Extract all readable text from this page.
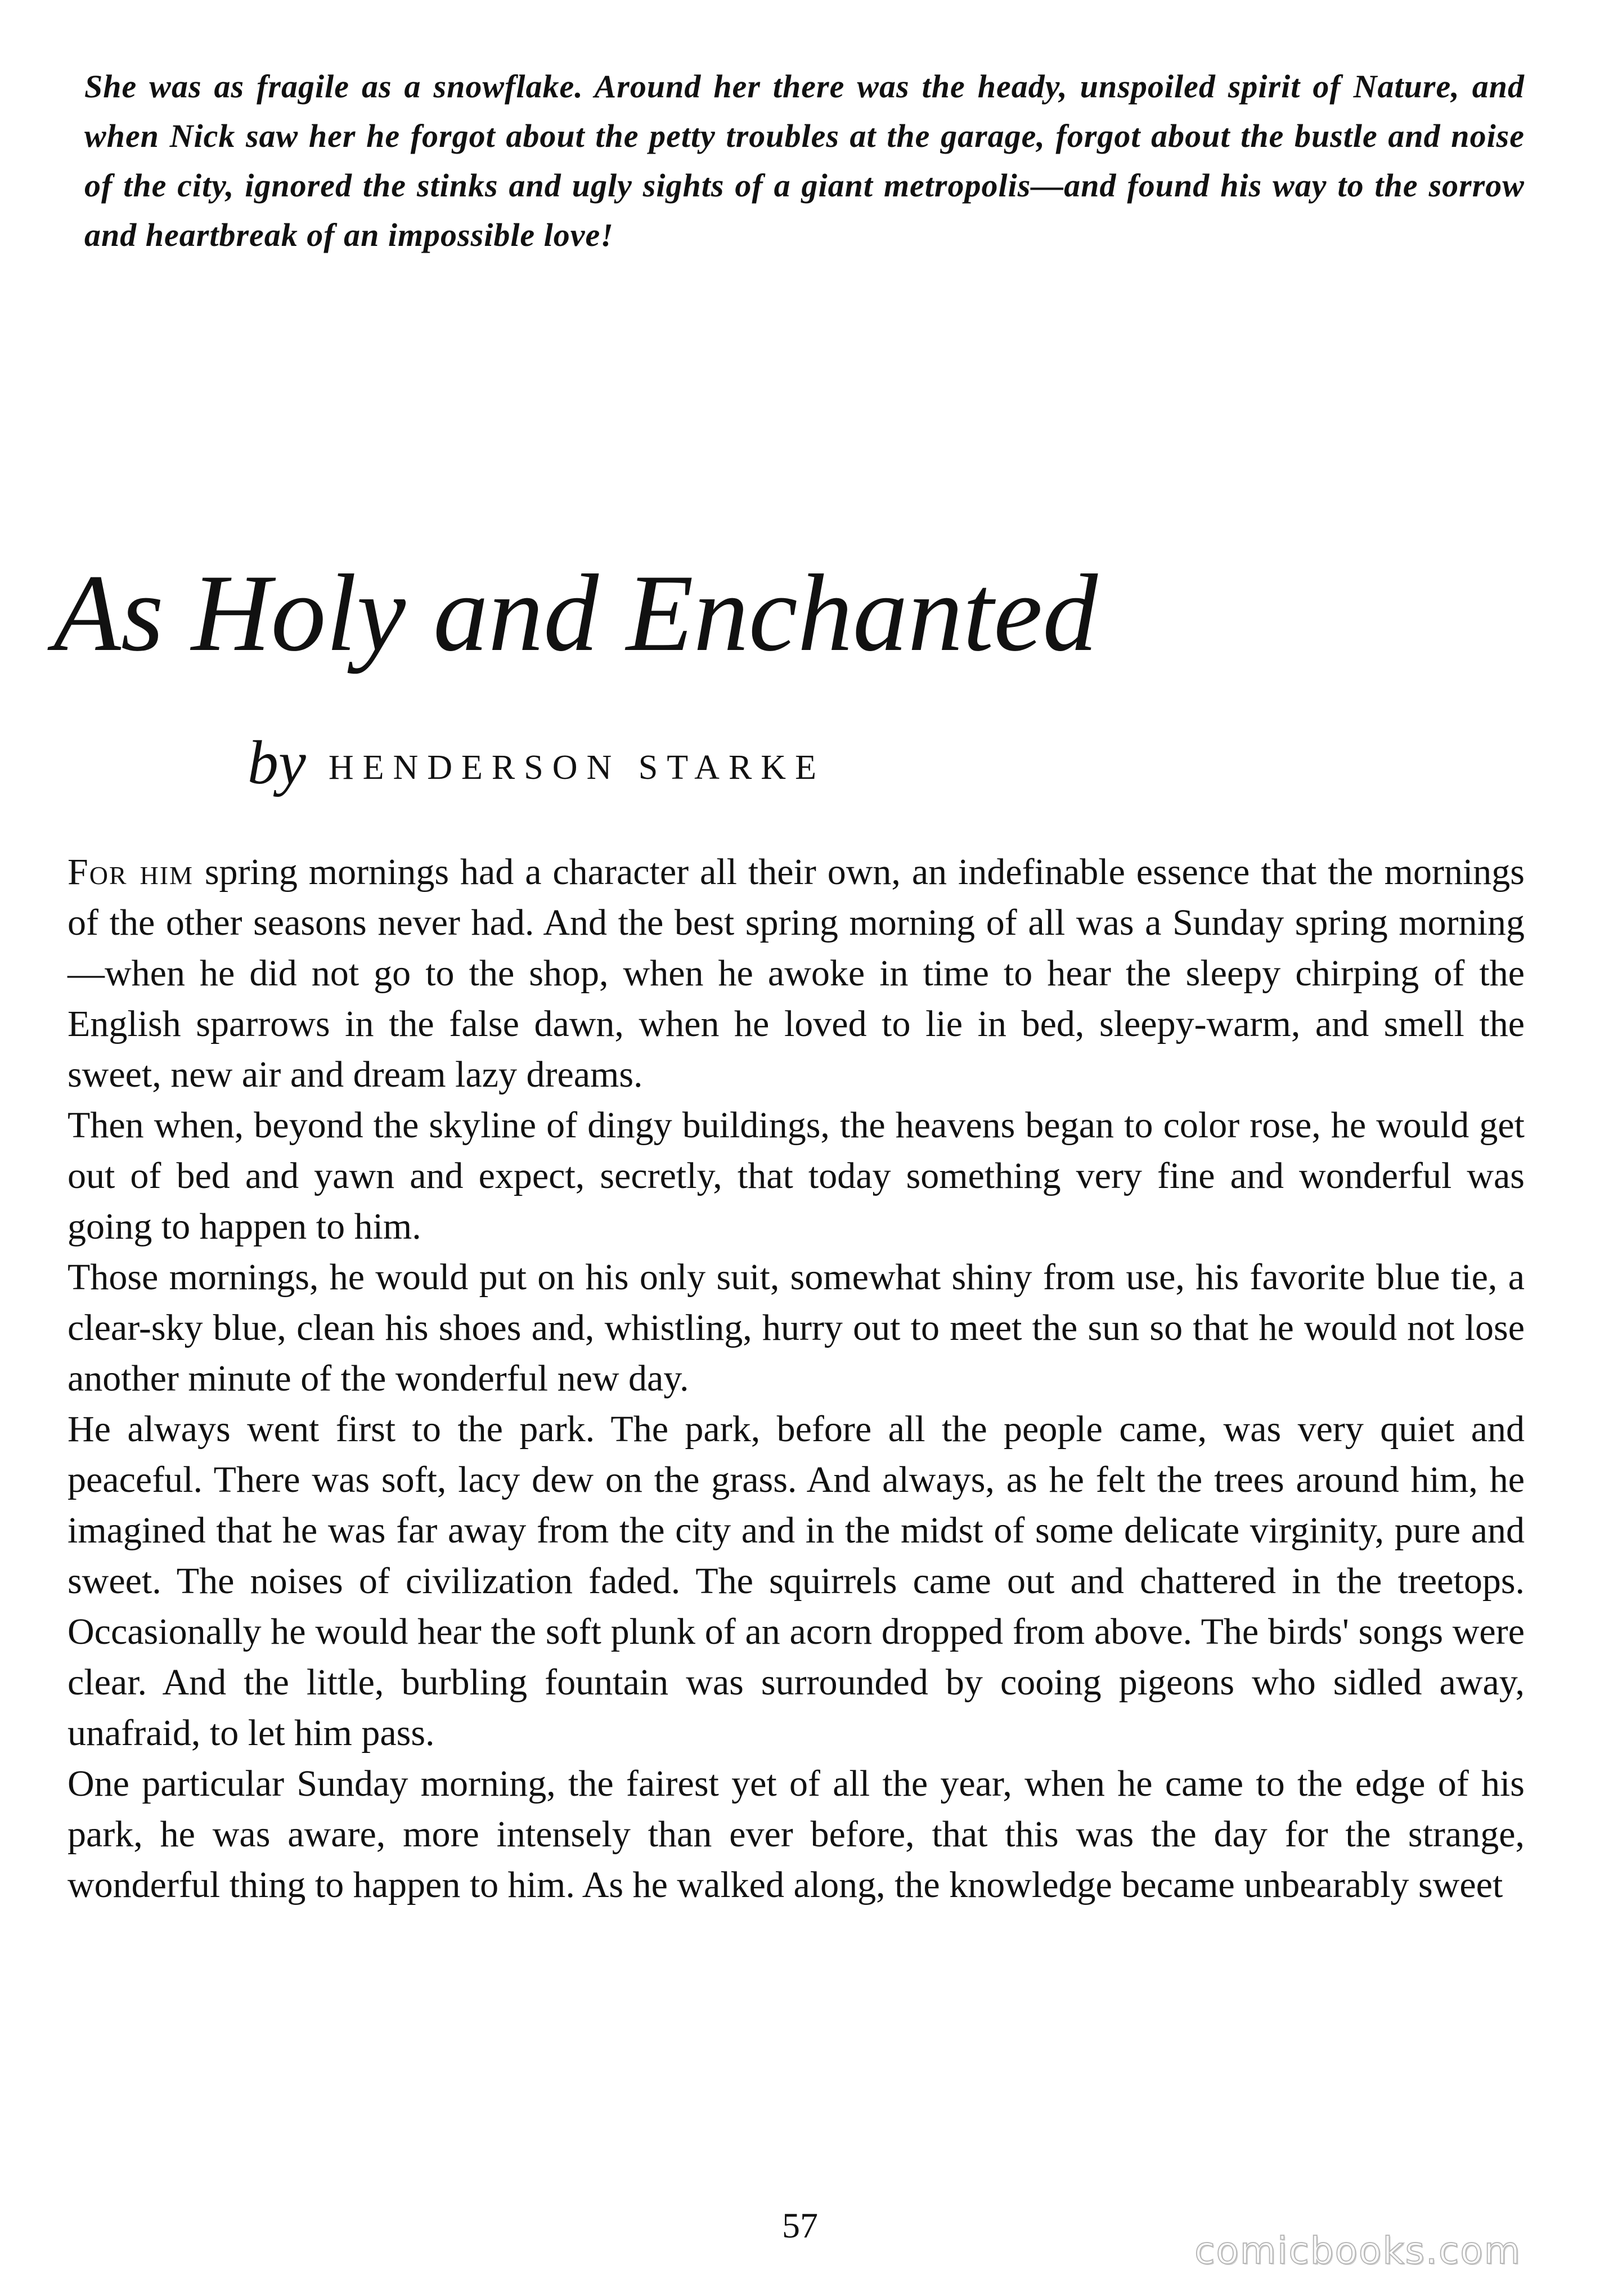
She was as fragile as a snowflake. Around her there was the heady, unspoiled spirit of Nature, and when Nick saw her he forgot about the petty troubles at the garage, forgot about the bustle and noise of the city, ignored the stinks and ugly sights of a giant metropolis—and found his way to the sorrow and heartbreak of an impossible love!

As Holy and Enchanted
by HENDERSON STARKE

For him spring mornings had a character all their own, an indefinable essence that the mornings of the other seasons never had. And the best spring morning of all was a Sunday spring morning—when he did not go to the shop, when he awoke in time to hear the sleepy chirping of the English sparrows in the false dawn, when he loved to lie in bed, sleepy-warm, and smell the sweet, new air and dream lazy dreams.

Then when, beyond the skyline of dingy buildings, the heavens began to color rose, he would get out of bed and yawn and expect, secretly, that today something very fine and wonderful was going to happen to him.

Those mornings, he would put on his only suit, somewhat shiny from use, his favorite blue tie, a clear-sky blue, clean his shoes and, whistling, hurry out to meet the sun so that he would not lose another minute of the wonderful new day.

He always went first to the park. The park, before all the people came, was very quiet and peaceful. There was soft, lacy dew on the grass. And always, as he felt the trees around him, he imagined that he was far away from the city and in the midst of some delicate virginity, pure and sweet. The noises of civilization faded. The squirrels came out and chattered in the treetops. Occasionally he would hear the soft plunk of an acorn dropped from above. The birds' songs were clear. And the little, burbling fountain was surrounded by cooing pigeons who sidled away, unafraid, to let him pass.

One particular Sunday morning, the fairest yet of all the year, when he came to the edge of his park, he was aware, more intensely than ever before, that this was the day for the strange, wonderful thing to happen to him. As he walked along, the knowledge became unbearably sweet

57
comicbooks.com
